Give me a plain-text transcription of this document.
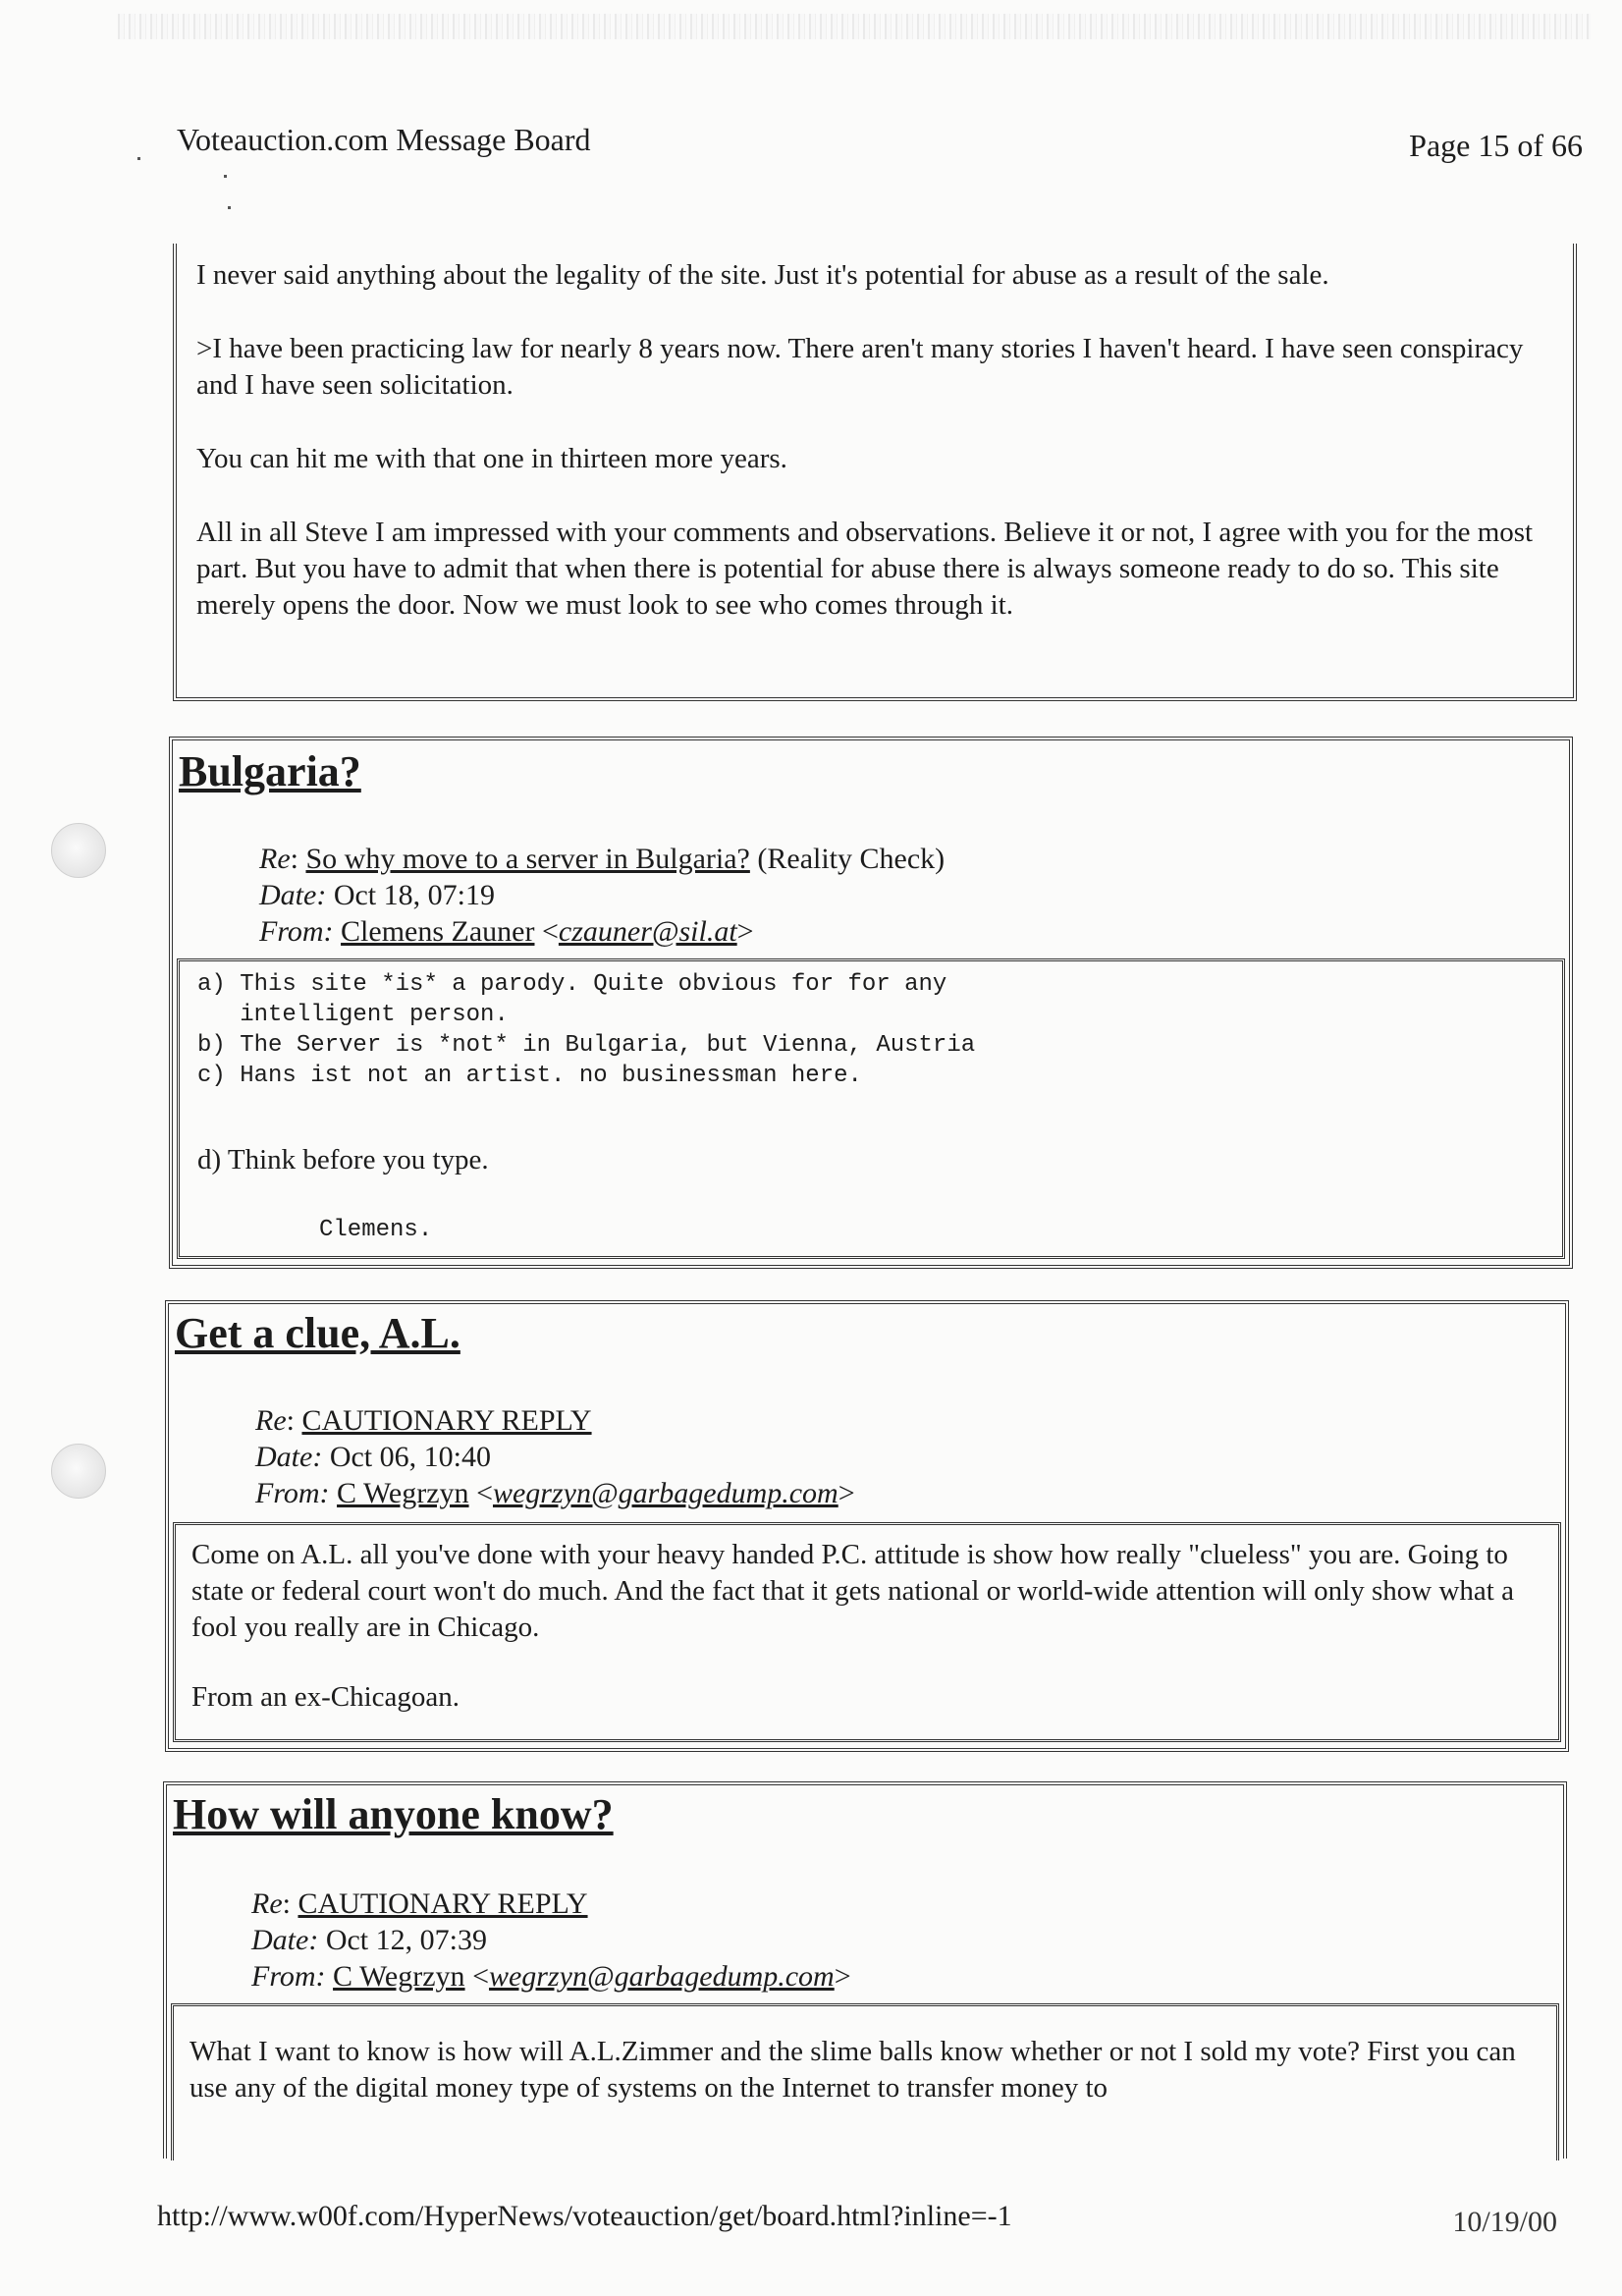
Voteauction.com Message Board	Page 15 of 66

I never said anything about the legality of the site. Just it's potential for abuse as a result of the sale.

>I have been practicing law for nearly 8 years now. There aren't many stories I haven't heard. I have seen conspiracy and I have seen solicitation.

You can hit me with that one in thirteen more years.

All in all Steve I am impressed with your comments and observations. Believe it or not, I agree with you for the most part. But you have to admit that when there is potential for abuse there is always someone ready to do so. This site merely opens the door. Now we must look to see who comes through it.

Bulgaria?
Re: So why move to a server in Bulgaria? (Reality Check)
Date: Oct 18, 07:19
From: Clemens Zauner <czauner@sil.at>
a) This site *is* a parody. Quite obvious for for any
intelligent person.
b) The Server is *not* in Bulgaria, but Vienna, Austria
c) Hans ist not an artist. no businessman here.
d) Think before you type.
Clemens.
Get a clue, A.L.
Re: CAUTIONARY REPLY
Date: Oct 06, 10:40
From: C Wegrzyn <wegrzyn@garbagedump.com>

Come on A.L. all you've done with your heavy handed P.C. attitude is show how really "clueless" you are. Going to state or federal court won't do much. And the fact that it gets national or world-wide attention will only show what a fool you really are in Chicago.

From an ex-Chicagoan.

How will anyone know?
Re: CAUTIONARY REPLY
Date: Oct 12, 07:39
From: C Wegrzyn <wegrzyn@garbagedump.com>

What I want to know is how will A.L.Zimmer and the slime balls know whether or not I sold my vote? First you can use any of the digital money type of systems on the Internet to transfer money to

http://www.w00f.com/HyperNews/voteauction/get/board.html?inline=-1	10/19/00
